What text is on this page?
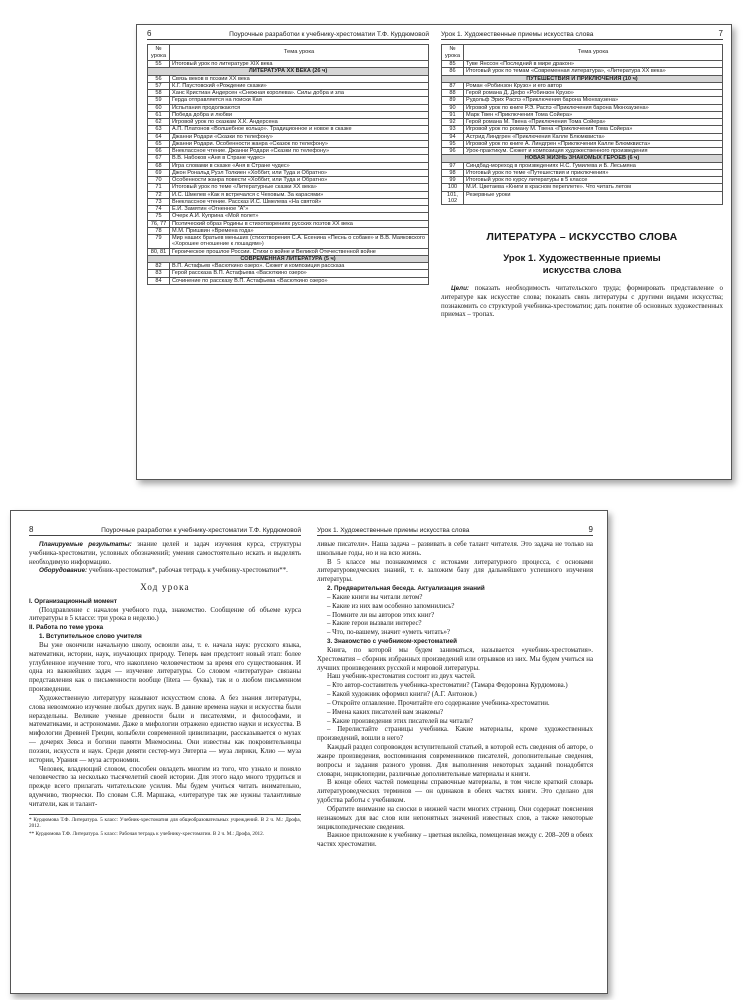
6	Поурочные разработки к учебнику-хрестоматии Т.Ф. Курдюмовой
№ урока	Тема урока
55	Итоговый урок по литературе XIX века
ЛИТЕРАТУРА XX ВЕКА (26 ч)	
56	Связь веков в поэзии XX века
57	К.Г. Паустовский «Рождение сказки»
58	Ханс Кристиан Андерсен «Снежная королева». Силы добра и зла
59	Герда отправляется на поиски Кая
60	Испытания продолжаются
61	Победа добра и любви
62	Игровой урок по сказкам Х.К. Андерсена
63	А.П. Платонов «Волшебное кольцо». Традиционное и новое в сказке
64	Джанни Родари «Сказки по телефону»
65	Джанни Родари. Особенности жанра «Сказок по телефону»
66	Внеклассное чтение. Джанни Родари «Сказки по телефону»
67	В.В. Набоков «Аня в Стране чудес»
68	Игра словами в сказке «Аня в Стране чудес»
69	Джон Рональд Руэл Толкиен «Хоббит, или Туда и Обратно»
70	Особенности жанра повести «Хоббит, или Туда и Обратно»
71	Итоговый урок по теме «Литературные сказки XX века»
72	И.С. Шмелев «Как я встречался с Чеховым. За карасями»
73	Внеклассное чтение. Рассказ И.С. Шмелева «На святой»
74	Е.И. Замятин «Огненное “А”»
75	Очерк А.И. Куприна «Мой полет»
76, 77	Поэтический образ Родины в стихотворениях русских поэтов XX века
78	М.М. Пришвин «Времена года»
79	Мир наших братьев меньших (стихотворения С.А. Есенина «Песнь о собаке» и В.В. Маяковского «Хорошее отношение к лошадям»)
80, 81	Героическое прошлое России. Стихи о войне и Великой Отечественной войне
СОВРЕМЕННАЯ ЛИТЕРАТУРА (5 ч)	
82	В.П. Астафьев «Васюткино озеро». Сюжет и композиция рассказа
83	Герой рассказа В.П. Астафьева «Васюткино озеро»
84	Сочинение по рассказу В.П. Астафьева «Васюткино озеро»
Урок 1. Художественные приемы искусства слова	7
№ урока	Тема урока
85	Туве Янссон «Последний в мире дракон»
86	Итоговый урок по темам «Современная литература», «Литература XX века»
ПУТЕШЕСТВИЯ И ПРИКЛЮЧЕНИЯ (10 ч)	
87	Роман «Робинзон Крузо» и его автор
88	Герой романа Д. Дефо «Робинзон Крузо»
89	Рудольф Эрих Распэ «Приключения барона Мюнхаузена»
90	Игровой урок по книге Р.Э. Распэ «Приключения барона Мюнхаузена»
91	Марк Твен «Приключения Тома Сойера»
92	Герой романа М. Твена «Приключения Тома Сойера»
93	Игровой урок по роману М. Твена «Приключения Тома Сойера»
94	Астрид Линдгрен «Приключения Калле Блюмквиста»
95	Игровой урок по книге А. Линдгрен «Приключения Калле Блюмквиста»
96	Урок-практикум. Сюжет и композиция художественного произведения
НОВАЯ ЖИЗНЬ ЗНАКОМЫХ ГЕРОЕВ (6 ч)	
97	Синдбад-мореход в произведениях Н.С. Гумилева и Б. Лесьмяна
98	Итоговый урок по теме «Путешествия и приключения»
99	Итоговый урок по курсу литературы в 5 классе
100	М.И. Цветаева «Книги в красном переплете». Что читать летом
101, 102	Резервные уроки
ЛИТЕРАТУРА – ИСКУССТВО СЛОВА
Урок 1. Художественные приемы
искусства слова

Цели: показать необходимость читательского труда; формировать представление о литературе как искусстве слова; показать связь литературы с другими видами искусства; познакомить со структурой учебника-хрестоматии; дать понятие об основных художественных приемах – тропах.

8	Поурочные разработки к учебнику-хрестоматии Т.Ф. Курдюмовой

Планируемые результаты: знание целей и задач изучения курса, структуры учебника-хрестоматии, условных обозначений; умения самостоятельно искать и выделять необходимую информацию.

Оборудование: учебник-хрестоматия*, рабочая тетрадь к учебнику-хрестоматии**.

Ход урока

I. Организационный момент

(Поздравление с началом учебного года, знакомство. Сообщение об объеме курса литературы в 5 классе: три урока в неделю.)

II. Работа по теме урока

1. Вступительное слово учителя

Вы уже окончили начальную школу, освоили азы, т. е. начала наук: русского языка, математики, истории, наук, изучающих природу. Теперь вам предстоит новый этап: более углубленное изучение того, что накоплено человечеством за время его существования. И одна из важнейших задач — изучение литературы. Со словом «литература» связаны представления как о письменности вообще (litera — буква), так и о любом письменном произведении.

Художественную литературу называют искусством слова. А без знания литературы, слова невозможно изучение любых других наук. В давние времена науки и искусства были нераздельны. Великие ученые древности были и писателями, и философами, и математиками, и астрономами. Даже в мифологии отражено единство науки и искусства. В мифологии Древней Греции, колыбели современной цивилизации, рассказывается о музах — дочерях Зевса и богини памяти Мнемосины. Они известны как покровительницы поэзии, искусств и наук. Среди девяти сестер-муз Эвтерпа — муза лирики, Клио — муза истории, Урания — муза астрономии.

Человек, владеющий словом, способен овладеть многим из того, что узнало и поняло человечество за несколько тысячелетий своей истории. Для этого надо много трудиться и прежде всего прилагать читательские усилия. Мы будем учиться читать внимательно, вдумчиво, творчески. По словам С.Я. Маршака, «литературе так же нужны талантливые читатели, как и талант-

* Курдюмова Т.Ф. Литература. 5 класс: Учебник-хрестоматия для общеобразовательных учреждений. В 2 ч. М.: Дрофа, 2012.

** Курдюмова Т.Ф. Литература. 5 класс: Рабочая тетрадь к учебнику-хрестоматии. В 2 ч. М.: Дрофа, 2012.

Урок 1. Художественные приемы искусства слова	9

ливые писатели». Наша задача – развивать в себе талант читателя. Это задача не только на школьные годы, но и на всю жизнь.

В 5 классе мы познакомимся с истоками литературного процесса, с основами литературоведческих знаний, т. е. заложим базу для дальнейшего успешного изучения литературы.

2. Предварительная беседа. Актуализация знаний

– Какие книги вы читали летом?
– Какие из них вам особенно запомнились?
– Помните ли вы авторов этих книг?
– Какие герои вызвали интерес?
– Что, по-вашему, значит «уметь читать»?

3. Знакомство с учебником-хрестоматией

Книга, по которой мы будем заниматься, называется «учебник-хрестоматия». Хрестоматия – сборник избранных произведений или отрывков из них. Мы будем учиться на лучших произведениях русской и мировой литературы.

Наш учебник-хрестоматия состоит из двух частей.

– Кто автор-составитель учебника-хрестоматии? (Тамара Федоровна Курдюмова.)
– Какой художник оформил книги? (А.Г. Антонов.)
– Откройте оглавление. Прочитайте его содержание учебника-хрестоматии.
– Имена каких писателей вам знакомы?
– Какие произведения этих писателей вы читали?
– Перелистайте страницы учебника. Какие материалы, кроме художественных произведений, вошли в него?

Каждый раздел сопровожден вступительной статьей, в которой есть сведения об авторе, о жанре произведения, воспоминания современников писателей, дополнительные сведения, вопросы и задания разного уровня. Для выполнения некоторых заданий понадобятся словари, энциклопедии, различные дополнительные материалы и книги.

В конце обеих частей помещены справочные материалы, в том числе краткий словарь литературоведческих терминов — он одинаков в обеих частях книги. Это сделано для удобства работы с учебником.

Обратите внимание на сноски в нижней части многих страниц. Они содержат пояснения незнакомых для вас слов или непонятных значений известных слов, а также некоторые энциклопедические сведения.

Важное приложение к учебнику – цветная вклейка, помещенная между с. 208–209 в обеих частях хрестоматии.
